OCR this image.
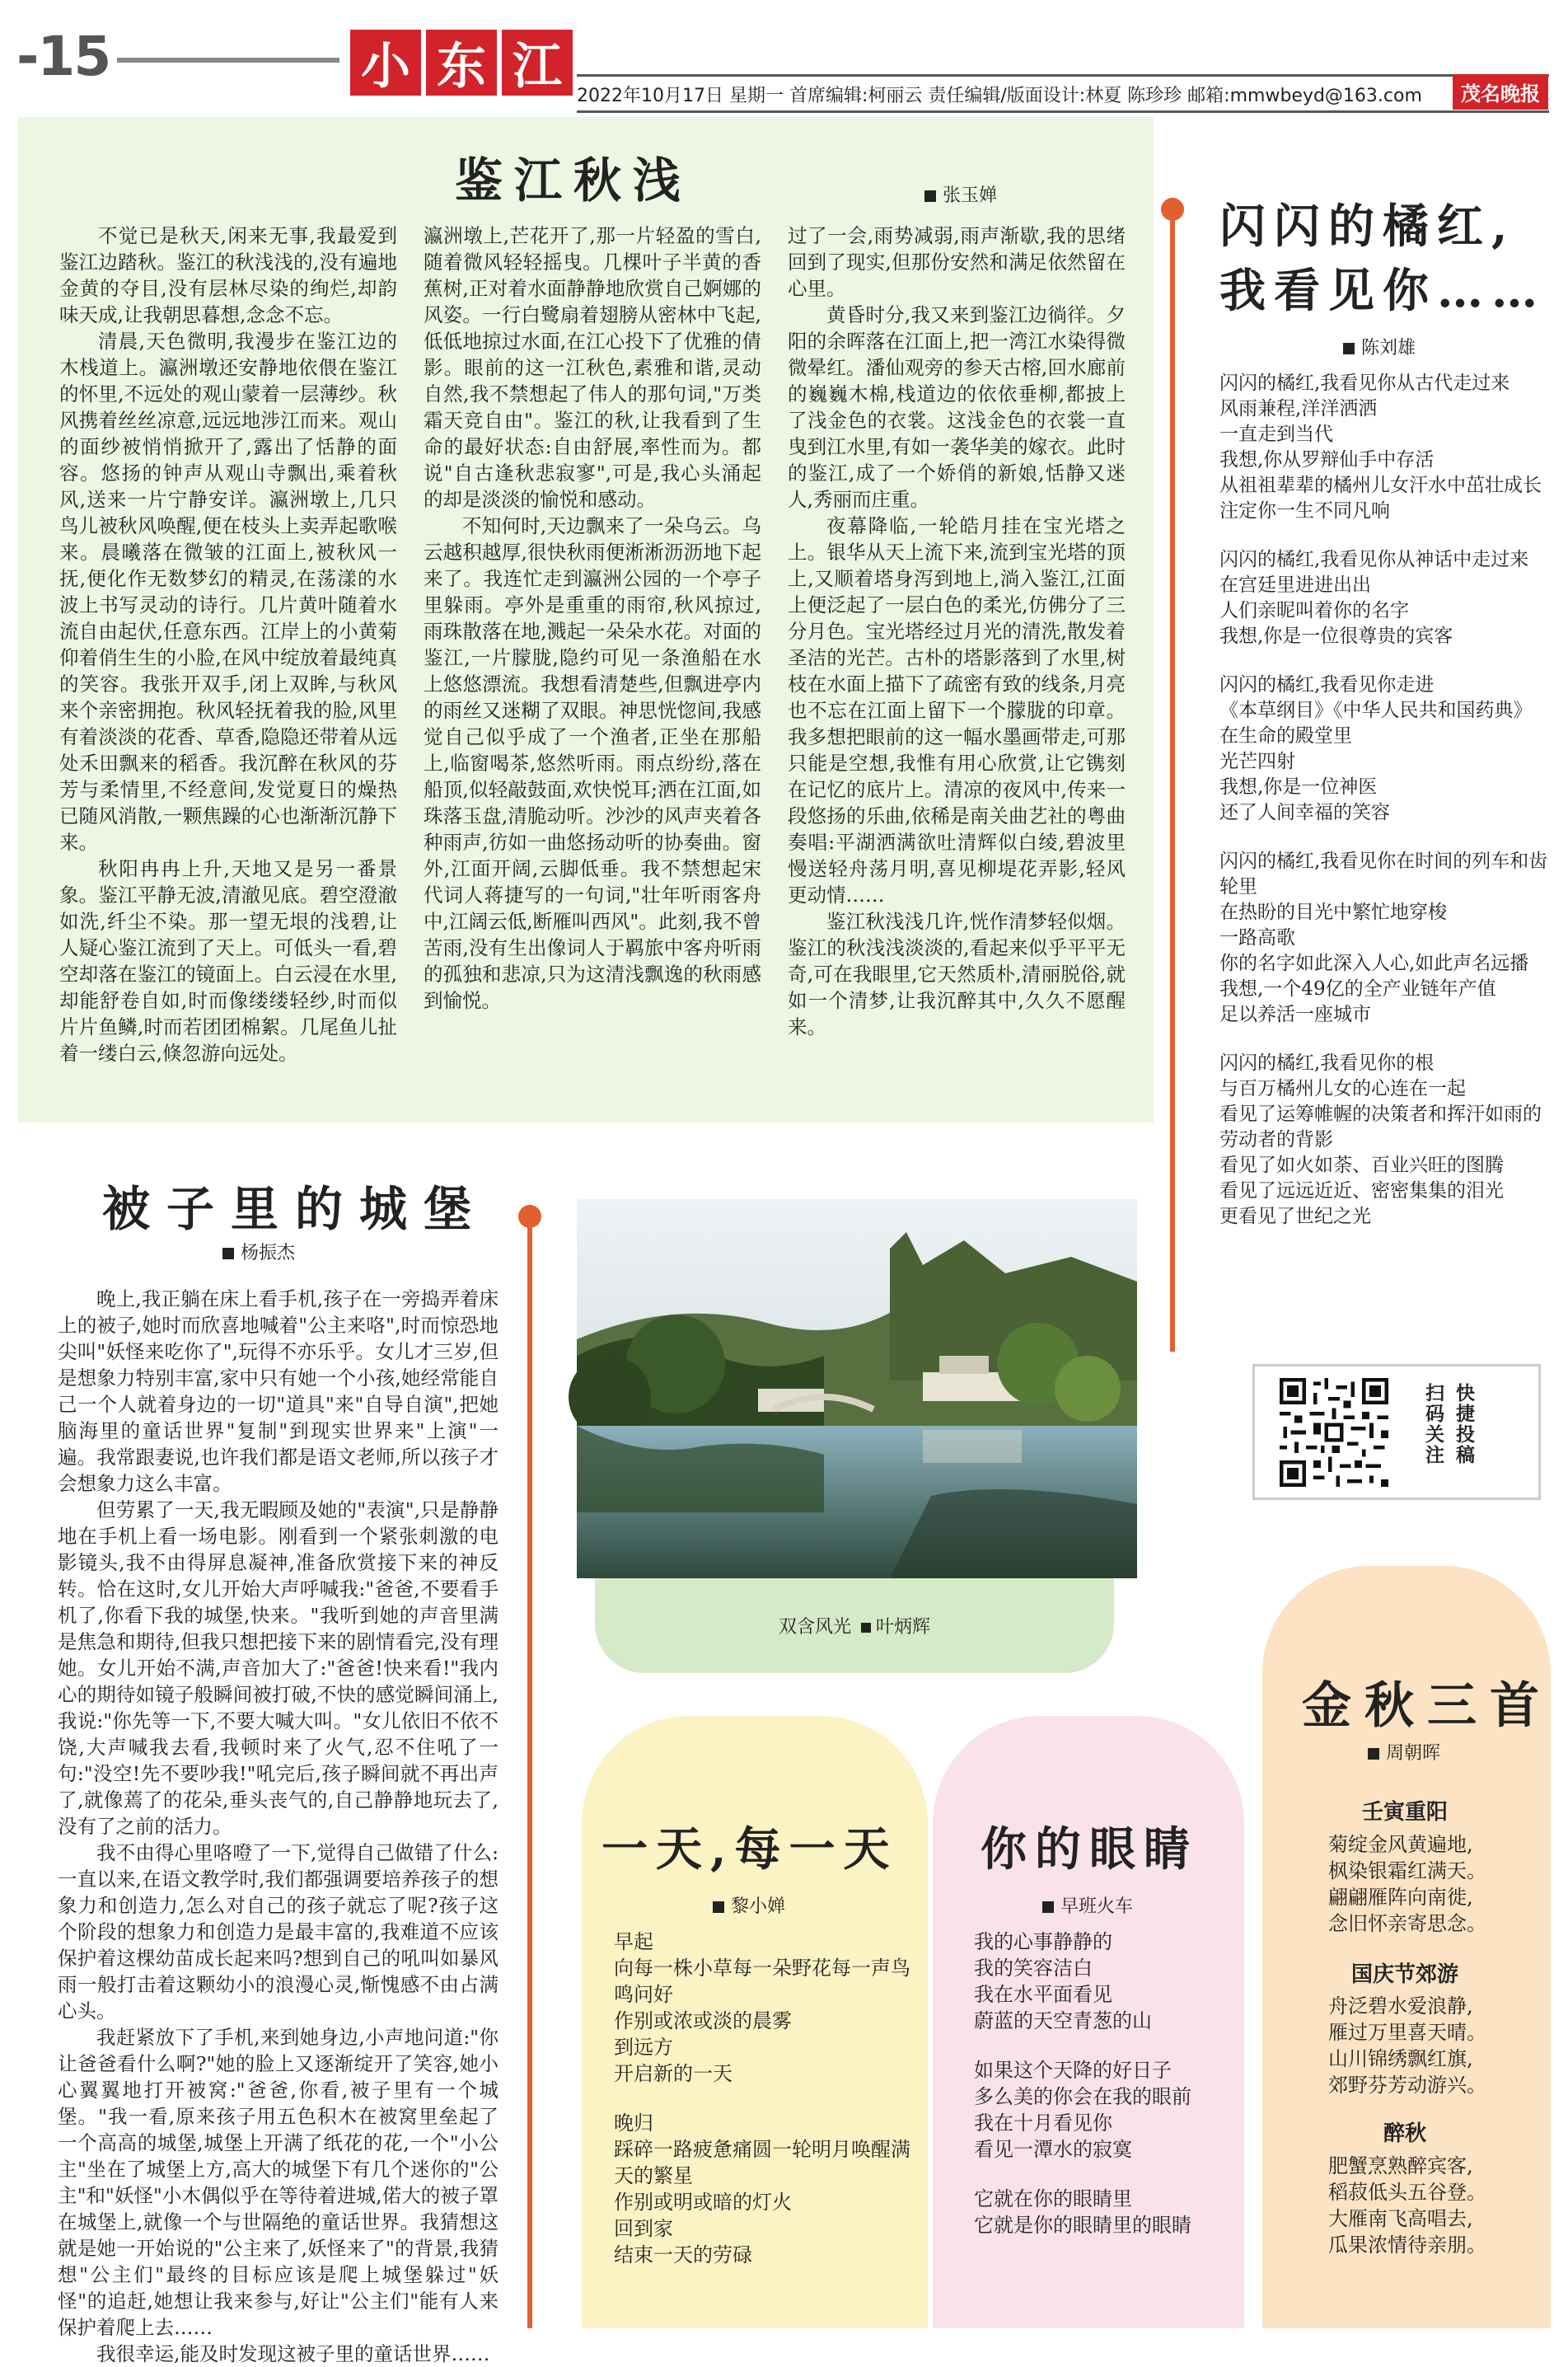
-15	小 东 江
2022年10月17日 星期一 首席编辑:柯丽云 责任编辑/版面设计:林夏 陈珍珍 邮箱:mmwbeyd@163.com	茂名晚报
鉴江秋浅	张玉婵

不觉已是秋天,闲来无事,我最爱到鉴江边踏秋。鉴江的秋浅浅的,没有遍地金黄的夺目,没有层林尽染的绚烂,却韵味天成,让我朝思暮想,念念不忘。

清晨,天色微明,我漫步在鉴江边的木栈道上。瀛洲墩还安静地依偎在鉴江的怀里,不远处的观山蒙着一层薄纱。秋风携着丝丝凉意,远远地涉江而来。观山的面纱被悄悄掀开了,露出了恬静的面容。悠扬的钟声从观山寺飘出,乘着秋风,送来一片宁静安详。瀛洲墩上,几只鸟儿被秋风唤醒,便在枝头上卖弄起歌喉来。晨曦落在微皱的江面上,被秋风一抚,便化作无数梦幻的精灵,在荡漾的水波上书写灵动的诗行。几片黄叶随着水流自由起伏,任意东西。江岸上的小黄菊仰着俏生生的小脸,在风中绽放着最纯真的笑容。我张开双手,闭上双眸,与秋风来个亲密拥抱。秋风轻抚着我的脸,风里有着淡淡的花香、草香,隐隐还带着从远处禾田飘来的稻香。我沉醉在秋风的芬芳与柔情里,不经意间,发觉夏日的燥热已随风消散,一颗焦躁的心也渐渐沉静下来。

秋阳冉冉上升,天地又是另一番景象。鉴江平静无波,清澈见底。碧空澄澈如洗,纤尘不染。那一望无垠的浅碧,让人疑心鉴江流到了天上。可低头一看,碧空却落在鉴江的镜面上。白云浸在水里,却能舒卷自如,时而像缕缕轻纱,时而似片片鱼鳞,时而若团团棉絮。几尾鱼儿扯着一缕白云,倏忽游向远处。

瀛洲墩上,芒花开了,那一片轻盈的雪白,随着微风轻轻摇曳。几棵叶子半黄的香蕉树,正对着水面静静地欣赏自己婀娜的风姿。一行白鹭扇着翅膀从密林中飞起,低低地掠过水面,在江心投下了优雅的倩影。眼前的这一江秋色,素雅和谐,灵动自然,我不禁想起了伟人的那句词,"万类霜天竞自由"。鉴江的秋,让我看到了生命的最好状态:自由舒展,率性而为。都说"自古逢秋悲寂寥",可是,我心头涌起的却是淡淡的愉悦和感动。

不知何时,天边飘来了一朵乌云。乌云越积越厚,很快秋雨便淅淅沥沥地下起来了。我连忙走到瀛洲公园的一个亭子里躲雨。亭外是重重的雨帘,秋风掠过,雨珠散落在地,溅起一朵朵水花。对面的鉴江,一片朦胧,隐约可见一条渔船在水上悠悠漂流。我想看清楚些,但飘进亭内的雨丝又迷糊了双眼。神思恍惚间,我感觉自己似乎成了一个渔者,正坐在那船上,临窗喝茶,悠然听雨。雨点纷纷,落在船顶,似轻敲鼓面,欢快悦耳;洒在江面,如珠落玉盘,清脆动听。沙沙的风声夹着各种雨声,彷如一曲悠扬动听的协奏曲。窗外,江面开阔,云脚低垂。我不禁想起宋代词人蒋捷写的一句词,"壮年听雨客舟中,江阔云低,断雁叫西风"。此刻,我不曾苦雨,没有生出像词人于羁旅中客舟听雨的孤独和悲凉,只为这清浅飘逸的秋雨感到愉悦。

过了一会,雨势减弱,雨声渐歇,我的思绪回到了现实,但那份安然和满足依然留在心里。

黄昏时分,我又来到鉴江边徜徉。夕阳的余晖落在江面上,把一湾江水染得微微晕红。潘仙观旁的参天古榕,回水廊前的巍巍木棉,栈道边的依依垂柳,都披上了浅金色的衣裳。这浅金色的衣裳一直曳到江水里,有如一袭华美的嫁衣。此时的鉴江,成了一个娇俏的新娘,恬静又迷人,秀丽而庄重。

夜幕降临,一轮皓月挂在宝光塔之上。银华从天上流下来,流到宝光塔的顶上,又顺着塔身泻到地上,淌入鉴江,江面上便泛起了一层白色的柔光,仿佛分了三分月色。宝光塔经过月光的清洗,散发着圣洁的光芒。古朴的塔影落到了水里,树枝在水面上描下了疏密有致的线条,月亮也不忘在江面上留下一个朦胧的印章。我多想把眼前的这一幅水墨画带走,可那只能是空想,我惟有用心欣赏,让它镌刻在记忆的底片上。清凉的夜风中,传来一段悠扬的乐曲,依稀是南关曲艺社的粤曲奏唱:平湖洒满欲吐清辉似白绫,碧波里慢送轻舟荡月明,喜见柳堤花弄影,轻风更动情……

鉴江秋浅浅几许,恍作清梦轻似烟。鉴江的秋浅浅淡淡的,看起来似乎平平无奇,可在我眼里,它天然质朴,清丽脱俗,就如一个清梦,让我沉醉其中,久久不愿醒来。

闪闪的橘红,
我看见你……
陈刘雄
闪闪的橘红,我看见你从古代走过来
风雨兼程,洋洋洒洒
一直走到当代
我想,你从罗辩仙手中存活
从祖祖辈辈的橘州儿女汗水中茁壮成长
注定你一生不同凡响
闪闪的橘红,我看见你从神话中走过来
在宫廷里进进出出
人们亲昵叫着你的名字
我想,你是一位很尊贵的宾客
闪闪的橘红,我看见你走进
《本草纲目》《中华人民共和国药典》
在生命的殿堂里
光芒四射
我想,你是一位神医
还了人间幸福的笑容
闪闪的橘红,我看见你在时间的列车和齿轮里
在热盼的目光中繁忙地穿梭
一路高歌
你的名字如此深入人心,如此声名远播
我想,一个49亿的全产业链年产值
足以养活一座城市
闪闪的橘红,我看见你的根
与百万橘州儿女的心连在一起
看见了运筹帷幄的决策者和挥汗如雨的劳动者的背影
看见了如火如荼、百业兴旺的图腾
看见了远远近近、密密集集的泪光
更看见了世纪之光
快捷投稿
扫码关注
被子里的城堡
杨振杰

晚上,我正躺在床上看手机,孩子在一旁捣弄着床上的被子,她时而欣喜地喊着"公主来咯",时而惊恐地尖叫"妖怪来吃你了",玩得不亦乐乎。女儿才三岁,但是想象力特别丰富,家中只有她一个小孩,她经常能自己一个人就着身边的一切"道具"来"自导自演",把她脑海里的童话世界"复制"到现实世界来"上演"一遍。我常跟妻说,也许我们都是语文老师,所以孩子才会想象力这么丰富。

但劳累了一天,我无暇顾及她的"表演",只是静静地在手机上看一场电影。刚看到一个紧张刺激的电影镜头,我不由得屏息凝神,准备欣赏接下来的神反转。恰在这时,女儿开始大声呼喊我:"爸爸,不要看手机了,你看下我的城堡,快来。"我听到她的声音里满是焦急和期待,但我只想把接下来的剧情看完,没有理她。女儿开始不满,声音加大了:"爸爸!快来看!"我内心的期待如镜子般瞬间被打破,不快的感觉瞬间涌上,我说:"你先等一下,不要大喊大叫。"女儿依旧不依不饶,大声喊我去看,我顿时来了火气,忍不住吼了一句:"没空!先不要吵我!"吼完后,孩子瞬间就不再出声了,就像蔫了的花朵,垂头丧气的,自己静静地玩去了,没有了之前的活力。

我不由得心里咯噔了一下,觉得自己做错了什么:一直以来,在语文教学时,我们都强调要培养孩子的想象力和创造力,怎么对自己的孩子就忘了呢?孩子这个阶段的想象力和创造力是最丰富的,我难道不应该保护着这棵幼苗成长起来吗?想到自己的吼叫如暴风雨一般打击着这颗幼小的浪漫心灵,惭愧感不由占满心头。

我赶紧放下了手机,来到她身边,小声地问道:"你让爸爸看什么啊?"她的脸上又逐渐绽开了笑容,她小心翼翼地打开被窝:"爸爸,你看,被子里有一个城堡。"我一看,原来孩子用五色积木在被窝里垒起了一个高高的城堡,城堡上开满了纸花的花,一个"小公主"坐在了城堡上方,高大的城堡下有几个迷你的"公主"和"妖怪"小木偶似乎在等待着进城,偌大的被子罩在城堡上,就像一个与世隔绝的童话世界。我猜想这就是她一开始说的"公主来了,妖怪来了"的背景,我猜想"公主们"最终的目标应该是爬上城堡躲过"妖怪"的追赶,她想让我来参与,好让"公主们"能有人来保护着爬上去……

我很幸运,能及时发现这被子里的童话世界……

双含风光 叶炳辉
一天,每一天
黎小婵
早起
向每一株小草每一朵野花每一声鸟鸣问好
作别或浓或淡的晨雾
到远方
开启新的一天
晚归
踩碎一路疲惫痛圆一轮明月唤醒满天的繁星
作别或明或暗的灯火
回到家
结束一天的劳碌
你的眼睛
早班火车
我的心事静静的
我的笑容洁白
我在水平面看见
蔚蓝的天空青葱的山
如果这个天降的好日子
多么美的你会在我的眼前
我在十月看见你
看见一潭水的寂寞
它就在你的眼睛里
它就是你的眼睛里的眼睛
金秋三首
周朝晖
壬寅重阳
菊绽金风黄遍地,
枫染银霜红满天。
翩翩雁阵向南徙,
念旧怀亲寄思念。
国庆节郊游
舟泛碧水爱浪静,
雁过万里喜天晴。
山川锦绣飘红旗,
郊野芬芳动游兴。
醉秋
肥蟹烹熟醉宾客,
稻菽低头五谷登。
大雁南飞高唱去,
瓜果浓情待亲朋。
